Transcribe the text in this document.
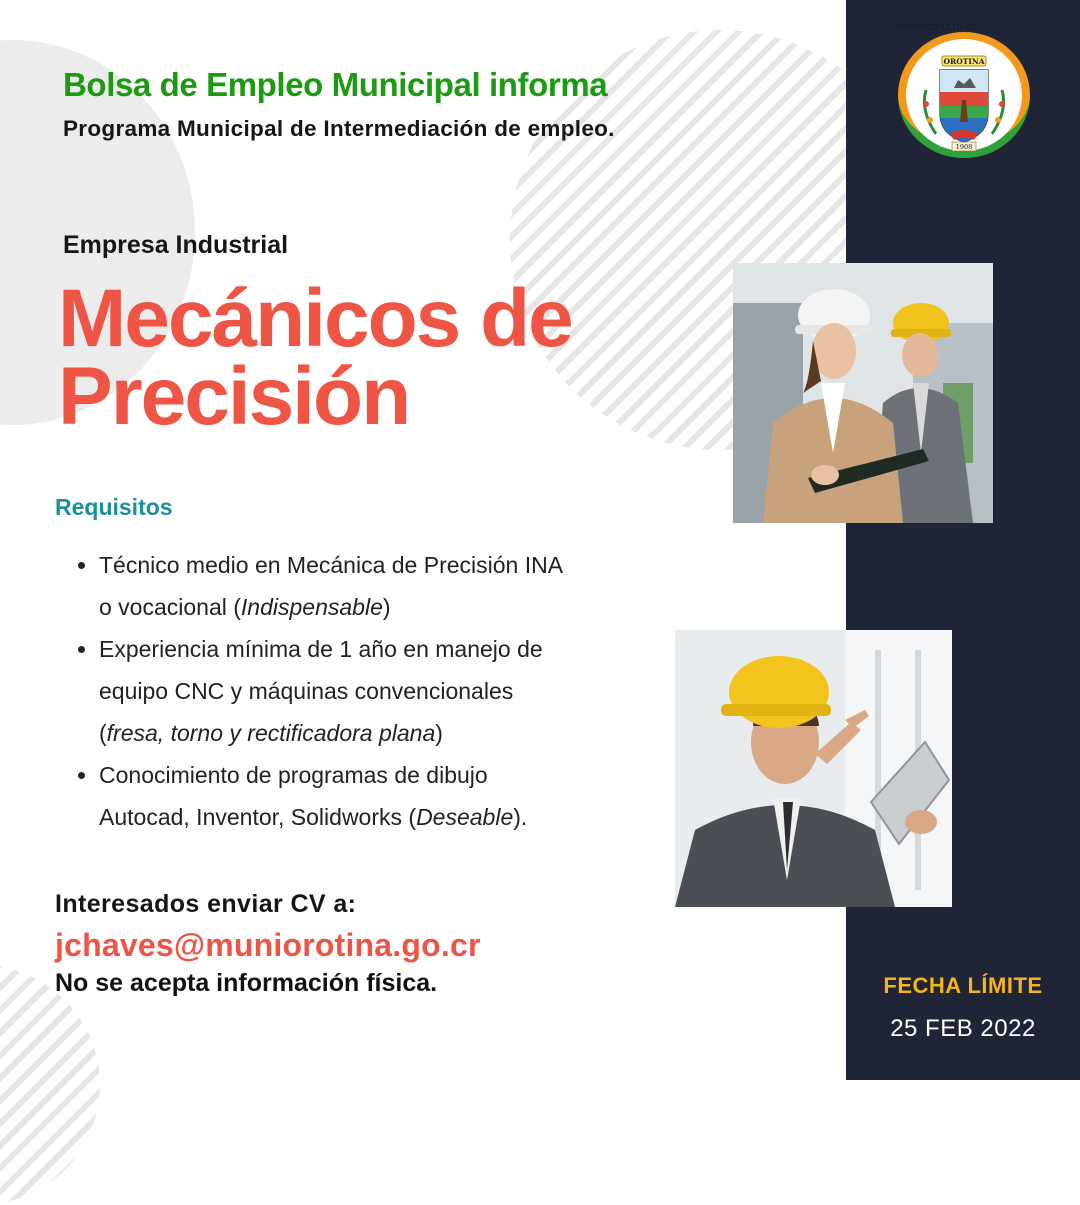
Bolsa de Empleo Municipal informa
Programa Municipal de Intermediación de empleo.
Empresa Industrial
Mecánicos de
Precisión
Requisitos
• Técnico medio en Mecánica de Precisión INA
o vocacional (Indispensable)
• Experiencia mínima de 1 año en manejo de
equipo CNC y máquinas convencionales
(fresa, torno y rectificadora plana)
• Conocimiento de programas de dibujo
Autocad, Inventor, Solidworks (Deseable).
Interesados enviar CV a:
jchaves@muniorotina.go.cr
No se acepta información física.	FECHA LÍMITE
25 FEB 2022
MUNICIPALIDAD
OROTINA
1908
